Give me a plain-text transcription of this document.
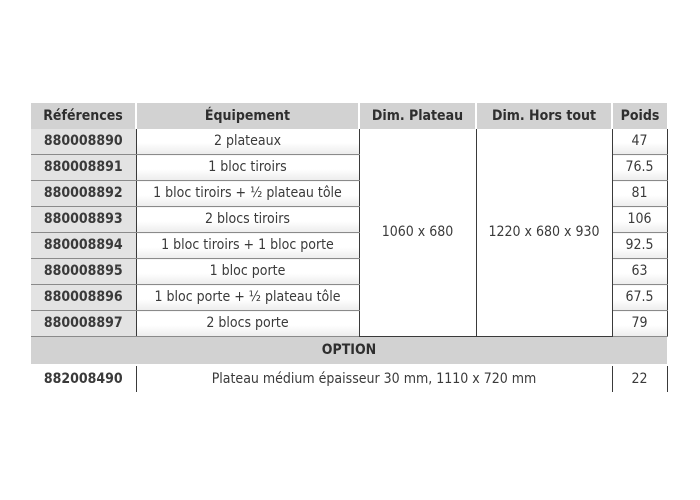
Références	Équipement	Dim. Plateau	Dim. Hors tout	Poids
880008890	2 plateaux	1060 x 680	1220 x 680 x 930	47
880008891	1 bloc tiroirs			76.5
880008892	1 bloc tiroirs + ½ plateau tôle			81
880008893	2 blocs tiroirs			106
880008894	1 bloc tiroirs + 1 bloc porte			92.5
880008895	1 bloc porte			63
880008896	1 bloc porte + ½ plateau tôle			67.5
880008897	2 blocs porte			79
OPTION				
882008490	Plateau médium épaisseur 30 mm, 1110 x 720 mm			22
